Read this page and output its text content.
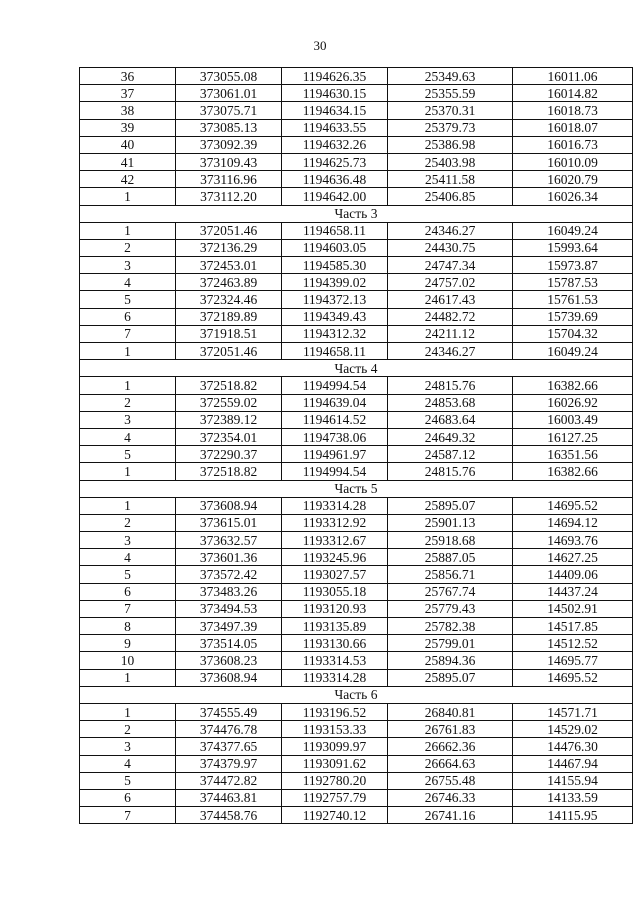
30
36	373055.08	1194626.35	25349.63	16011.06
37	373061.01	1194630.15	25355.59	16014.82
38	373075.71	1194634.15	25370.31	16018.73
39	373085.13	1194633.55	25379.73	16018.07
40	373092.39	1194632.26	25386.98	16016.73
41	373109.43	1194625.73	25403.98	16010.09
42	373116.96	1194636.48	25411.58	16020.79
1	373112.20	1194642.00	25406.85	16026.34
Часть 3				
1	372051.46	1194658.11	24346.27	16049.24
2	372136.29	1194603.05	24430.75	15993.64
3	372453.01	1194585.30	24747.34	15973.87
4	372463.89	1194399.02	24757.02	15787.53
5	372324.46	1194372.13	24617.43	15761.53
6	372189.89	1194349.43	24482.72	15739.69
7	371918.51	1194312.32	24211.12	15704.32
1	372051.46	1194658.11	24346.27	16049.24
Часть 4				
1	372518.82	1194994.54	24815.76	16382.66
2	372559.02	1194639.04	24853.68	16026.92
3	372389.12	1194614.52	24683.64	16003.49
4	372354.01	1194738.06	24649.32	16127.25
5	372290.37	1194961.97	24587.12	16351.56
1	372518.82	1194994.54	24815.76	16382.66
Часть 5				
1	373608.94	1193314.28	25895.07	14695.52
2	373615.01	1193312.92	25901.13	14694.12
3	373632.57	1193312.67	25918.68	14693.76
4	373601.36	1193245.96	25887.05	14627.25
5	373572.42	1193027.57	25856.71	14409.06
6	373483.26	1193055.18	25767.74	14437.24
7	373494.53	1193120.93	25779.43	14502.91
8	373497.39	1193135.89	25782.38	14517.85
9	373514.05	1193130.66	25799.01	14512.52
10	373608.23	1193314.53	25894.36	14695.77
1	373608.94	1193314.28	25895.07	14695.52
Часть 6				
1	374555.49	1193196.52	26840.81	14571.71
2	374476.78	1193153.33	26761.83	14529.02
3	374377.65	1193099.97	26662.36	14476.30
4	374379.97	1193091.62	26664.63	14467.94
5	374472.82	1192780.20	26755.48	14155.94
6	374463.81	1192757.79	26746.33	14133.59
7	374458.76	1192740.12	26741.16	14115.95
